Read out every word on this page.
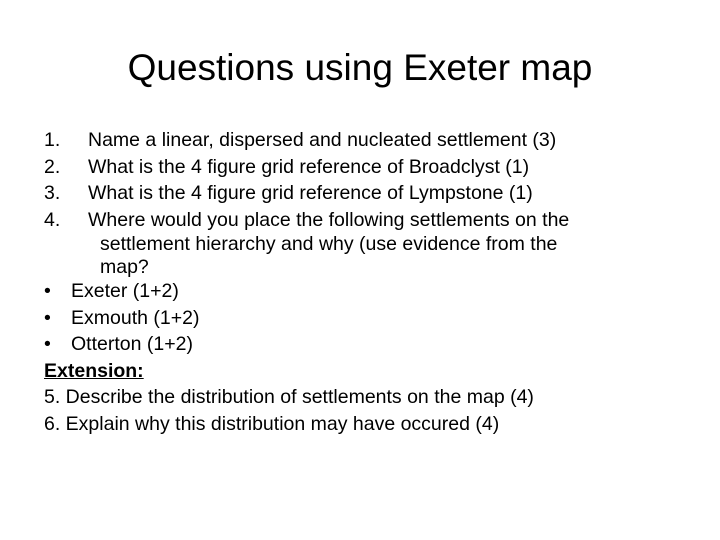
Questions using Exeter map
1. Name a linear, dispersed and nucleated settlement (3)
2. What is the 4 figure grid reference of Broadclyst (1)
3. What is the 4 figure grid reference of Lympstone (1)
4. Where would you place the following settlements on the
settlement hierarchy and why (use evidence from the
map?
•	Exeter (1+2)
•	Exmouth (1+2)
•	Otterton (1+2)
Extension:
5. Describe the distribution of settlements on the map (4)
6. Explain why this distribution may have occured (4)
